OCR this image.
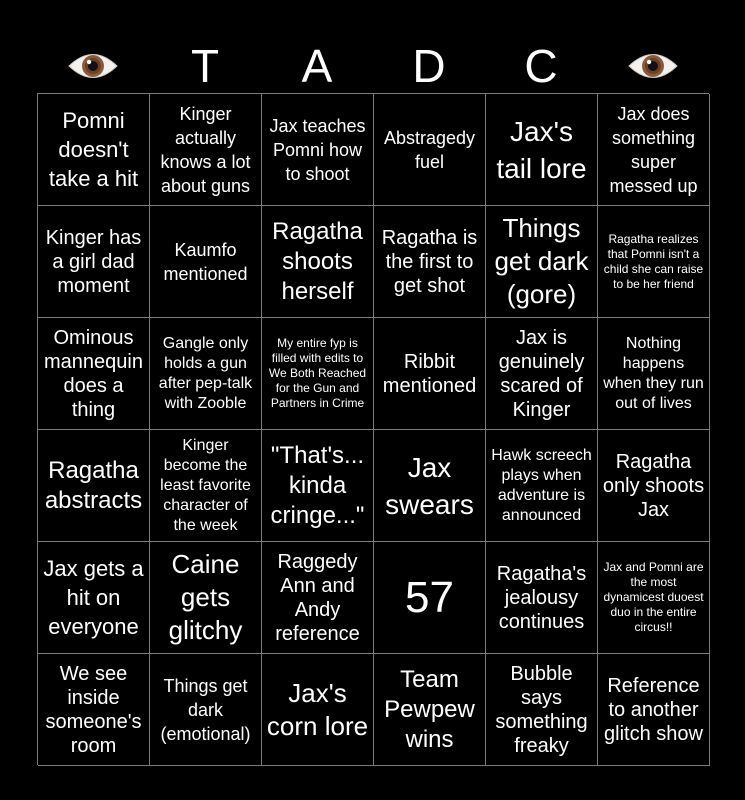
T	A	D	C
Pomni doesn't take a hit
Kinger actually knows a lot about guns
Jax teaches Pomni how to shoot
Abstragedy fuel
Jax's tail lore
Jax does something super messed up
Kinger has a girl dad moment
Kaumfo mentioned
Ragatha shoots herself
Ragatha is the first to get shot
Things get dark (gore)
Ragatha realizes that Pomni isn't a child she can raise to be her friend
Ominous mannequin does a thing
Gangle only holds a gun after pep-talk with Zooble
My entire fyp is filled with edits to We Both Reached for the Gun and Partners in Crime
Ribbit mentioned
Jax is genuinely scared of Kinger
Nothing happens when they run out of lives
Ragatha abstracts
Kinger become the least favorite character of the week
"That's... kinda cringe..."
Jax swears
Hawk screech plays when adventure is announced
Ragatha only shoots Jax
Jax gets a hit on everyone
Caine gets glitchy
Raggedy Ann and Andy reference
57	Ragatha's jealousy continues
Jax and Pomni are the most dynamicest duoest duo in the entire circus!!
We see inside someone's room
Things get dark (emotional)
Jax's corn lore
Team Pewpew wins
Bubble says something freaky
Reference to another glitch show
